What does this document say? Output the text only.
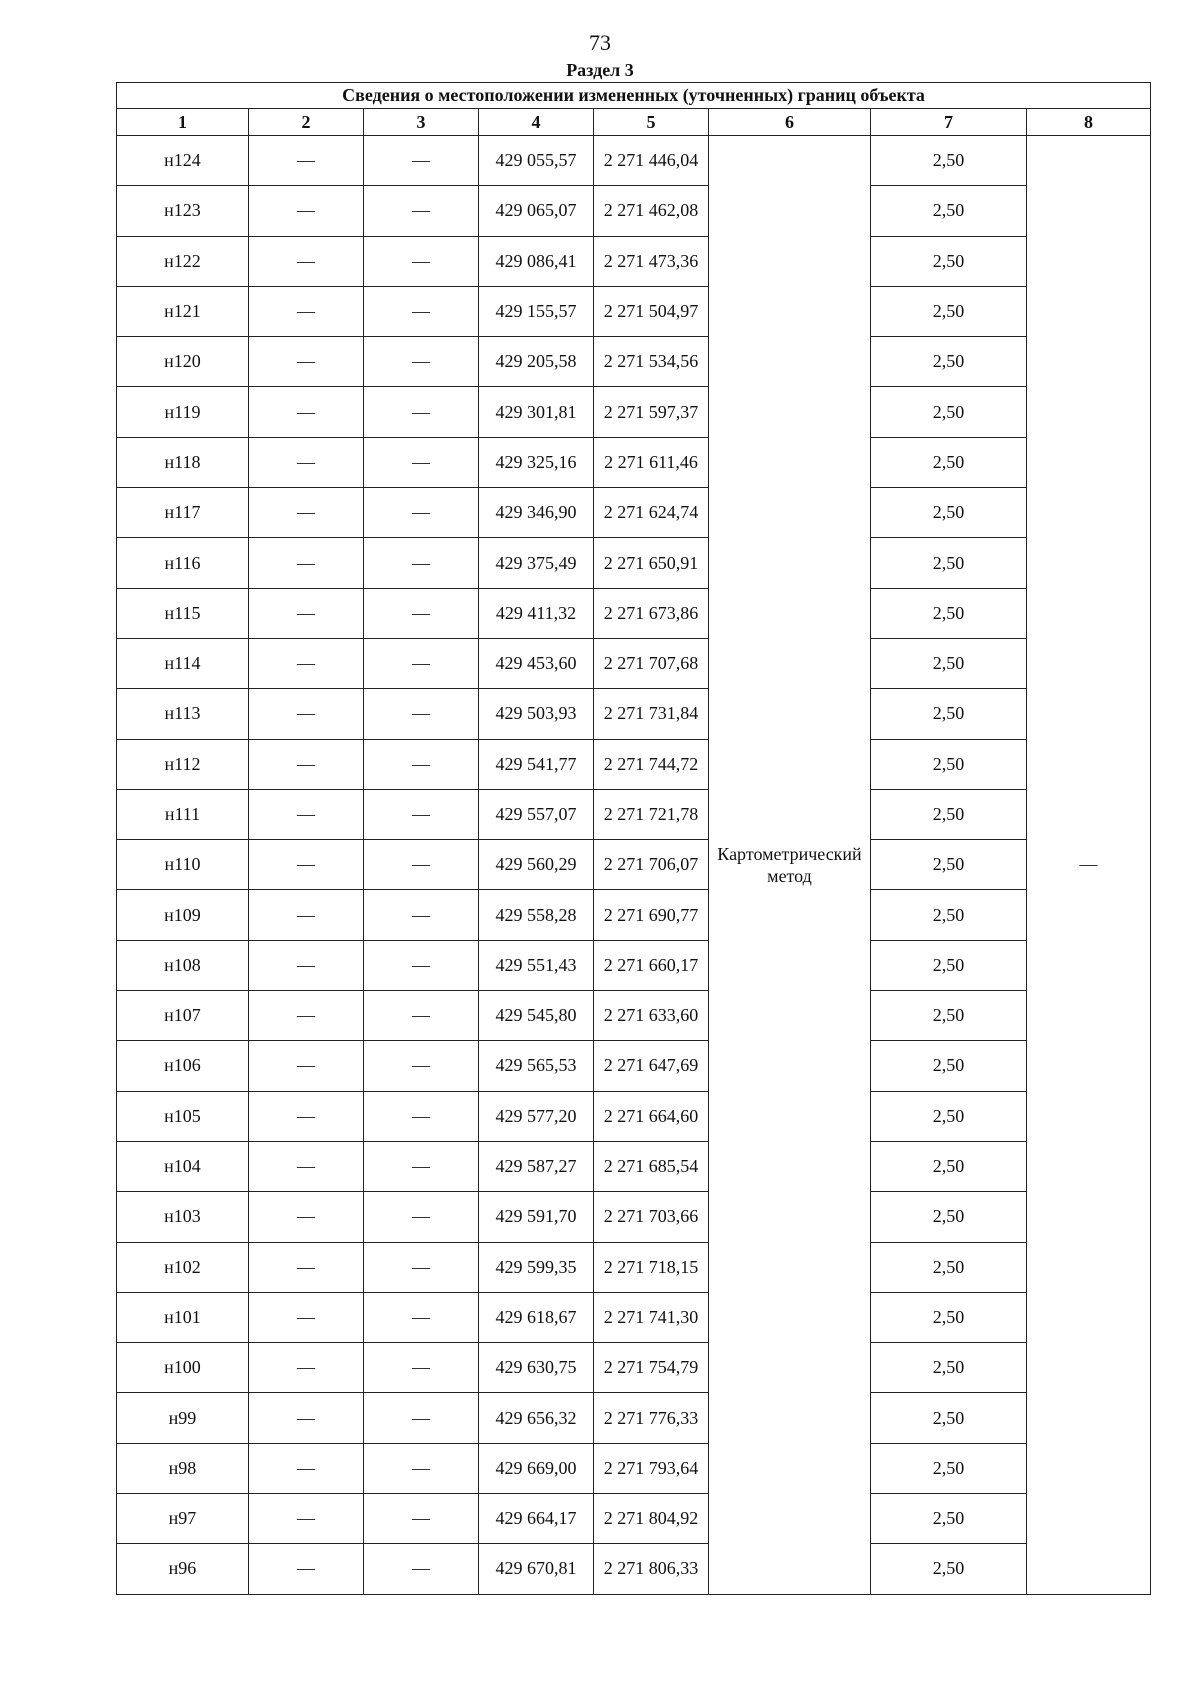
73
Раздел 3
Сведения о местоположении измененных (уточненных) границ объекта							
1	2	3	4	5	6	7	8
н124	—	—	429 055,57	2 271 446,04	Картометрический метод	2,50	—
н123	—	—	429 065,07	2 271 462,08		2,50	
н122	—	—	429 086,41	2 271 473,36		2,50	
н121	—	—	429 155,57	2 271 504,97		2,50	
н120	—	—	429 205,58	2 271 534,56		2,50	
н119	—	—	429 301,81	2 271 597,37		2,50	
н118	—	—	429 325,16	2 271 611,46		2,50	
н117	—	—	429 346,90	2 271 624,74		2,50	
н116	—	—	429 375,49	2 271 650,91		2,50	
н115	—	—	429 411,32	2 271 673,86		2,50	
н114	—	—	429 453,60	2 271 707,68		2,50	
н113	—	—	429 503,93	2 271 731,84		2,50	
н112	—	—	429 541,77	2 271 744,72		2,50	
н111	—	—	429 557,07	2 271 721,78		2,50	
н110	—	—	429 560,29	2 271 706,07		2,50	
н109	—	—	429 558,28	2 271 690,77		2,50	
н108	—	—	429 551,43	2 271 660,17		2,50	
н107	—	—	429 545,80	2 271 633,60		2,50	
н106	—	—	429 565,53	2 271 647,69		2,50	
н105	—	—	429 577,20	2 271 664,60		2,50	
н104	—	—	429 587,27	2 271 685,54		2,50	
н103	—	—	429 591,70	2 271 703,66		2,50	
н102	—	—	429 599,35	2 271 718,15		2,50	
н101	—	—	429 618,67	2 271 741,30		2,50	
н100	—	—	429 630,75	2 271 754,79		2,50	
н99	—	—	429 656,32	2 271 776,33		2,50	
н98	—	—	429 669,00	2 271 793,64		2,50	
н97	—	—	429 664,17	2 271 804,92		2,50	
н96	—	—	429 670,81	2 271 806,33		2,50	
